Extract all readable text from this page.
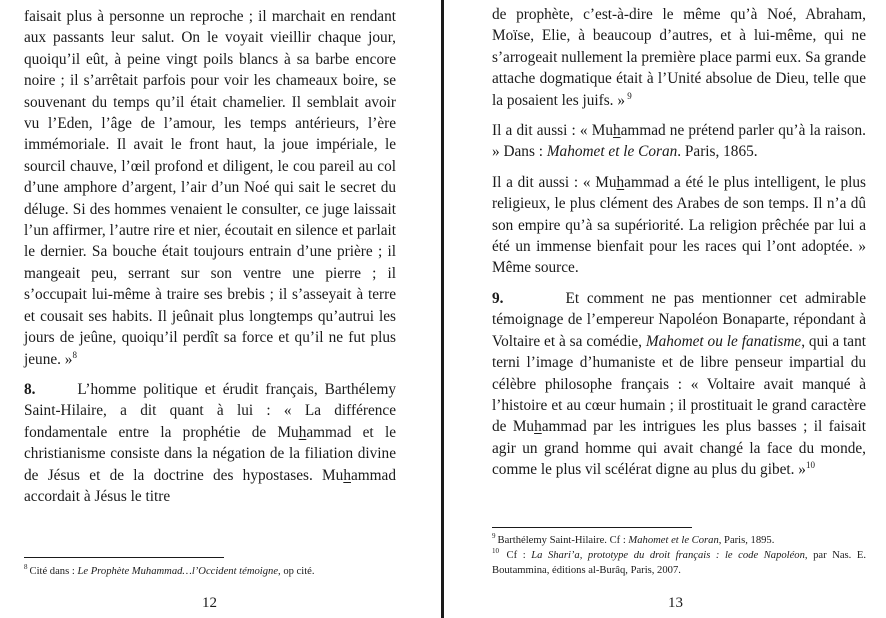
faisait plus à personne un reproche ; il marchait en rendant aux passants leur salut. On le voyait vieillir chaque jour, quoiqu’il eût, à peine vingt poils blancs à sa barbe encore noire ; il s’arrêtait parfois pour voir les chameaux boire, se souvenant du temps qu’il était chamelier. Il semblait avoir vu l’Eden, l’âge de l’amour, les temps antérieurs, l’ère immémoriale. Il avait le front haut, la joue impériale, le sourcil chauve, l’œil profond et diligent, le cou pareil au col d’une amphore d’argent, l’air d’un Noé qui sait le secret du déluge. Si des hommes venaient le consulter, ce juge laissait l’un affirmer, l’autre rire et nier, écoutait en silence et parlait le dernier. Sa bouche était toujours entrain d’une prière ; il mangeait peu, serrant sur son ventre une pierre ; il s’occupait lui-même à traire ses brebis ; il s’asseyait à terre et cousait ses habits. Il jeûnait plus longtemps qu’autrui les jours de jeûne, quoiqu’il perdît sa force et qu’il ne fut plus jeune. »$^8$

8.      L’homme politique et érudit français, Barthélemy Saint-Hilaire, a dit quant à lui : « La différence fondamentale entre la prophétie de Muhammad et le christianisme consiste dans la négation de la filiation divine de Jésus et de la doctrine des hypostases. Muhammad accordait à Jésus le titre

$^8$ Cité dans : Le Prophète Muhammad…l’Occident témoigne, op cité.
12

de prophète, c’est-à-dire le même qu’à Noé, Abraham, Moïse, Elie, à beaucoup d’autres, et à lui-même, qui ne s’arrogeait nullement la première place parmi eux. Sa grande attache dogmatique était à l’Unité absolue de Dieu, telle que la posaient les juifs. » $^9$

Il a dit aussi : « Muhammad ne prétend parler qu’à la raison. » Dans : Mahomet et le Coran. Paris, 1865.

Il a dit aussi : « Muhammad a été le plus intelligent, le plus religieux, le plus clément des Arabes de son temps. Il n’a dû son empire qu’à sa supériorité. La religion prêchée par lui a été un immense bienfait pour les races qui l’ont adoptée. » Même source.

9.        Et comment ne pas mentionner cet admirable témoignage de l’empereur Napoléon Bonaparte, répondant à Voltaire et à sa comédie, Mahomet ou le fanatisme, qui a tant terni l’image d’humaniste et de libre penseur impartial du célèbre philosophe français : « Voltaire avait manqué à l’histoire et au cœur humain ; il prostituait le grand caractère de Muhammad par les intrigues les plus basses ; il faisait agir un grand homme qui avait changé la face du monde, comme le plus vil scélérat digne au plus du gibet. »$^{10}$

$^9$ Barthélemy Saint-Hilaire. Cf : Mahomet et le Coran, Paris, 1895.
$^{10}$ Cf : La Shari’a, prototype du droit français : le code Napoléon, par Nas. E. Boutammina, éditions al-Burâq, Paris, 2007.
13
